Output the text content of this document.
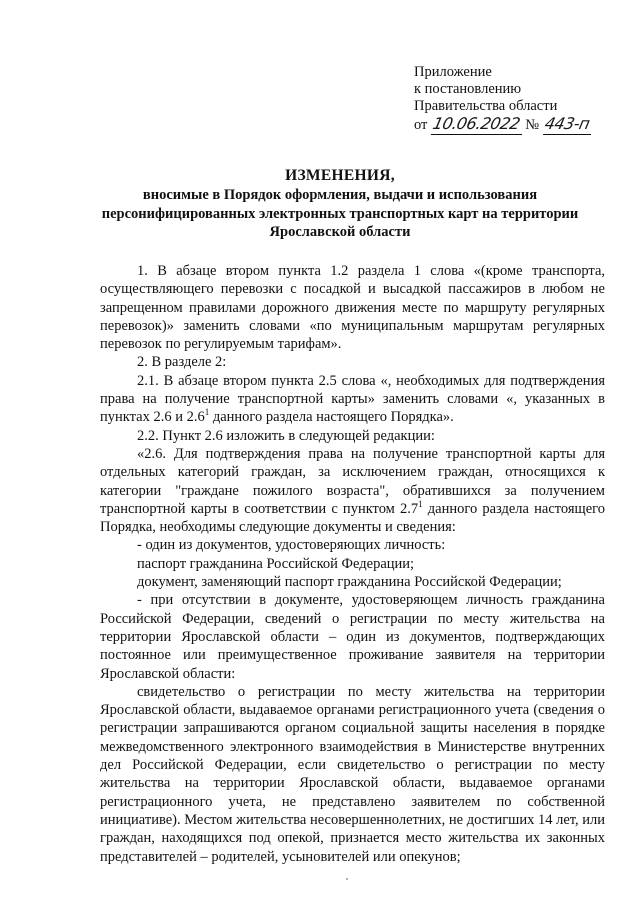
Приложение
к постановлению
Правительства области
от 10.06.2022 № 443-п
ИЗМЕНЕНИЯ,
вносимые в Порядок оформления, выдачи и использования
персонифицированных электронных транспортных карт на территории
Ярославской области

1. В абзаце втором пункта 1.2 раздела 1 слова «(кроме транспорта, осуществляющего перевозки с посадкой и высадкой пассажиров в любом не запрещенном правилами дорожного движения месте по маршруту регулярных перевозок)» заменить словами «по муниципальным маршрутам регулярных перевозок по регулируемым тарифам».

2. В разделе 2:

2.1. В абзаце втором пункта 2.5 слова «, необходимых для подтверждения права на получение транспортной карты» заменить словами «, указанных в пунктах 2.6 и $2.6^1$ данного раздела настоящего Порядка».

2.2. Пункт 2.6 изложить в следующей редакции:

«2.6. Для подтверждения права на получение транспортной карты для отдельных категорий граждан, за исключением граждан, относящихся к категории "граждане пожилого возраста", обратившихся за получением транспортной карты в соответствии с пунктом $2.7^1$ данного раздела настоящего Порядка, необходимы следующие документы и сведения:

- один из документов, удостоверяющих личность:

паспорт гражданина Российской Федерации;

документ, заменяющий паспорт гражданина Российской Федерации;

- при отсутствии в документе, удостоверяющем личность гражданина Российской Федерации, сведений о регистрации по месту жительства на территории Ярославской области – один из документов, подтверждающих постоянное или преимущественное проживание заявителя на территории Ярославской области:

свидетельство о регистрации по месту жительства на территории Ярославской области, выдаваемое органами регистрационного учета (сведения о регистрации запрашиваются органом социальной защиты населения в порядке межведомственного электронного взаимодействия в Министерстве внутренних дел Российской Федерации, если свидетельство о регистрации по месту жительства на территории Ярославской области, выдаваемое органами регистрационного учета, не представлено заявителем по собственной инициативе). Местом жительства несовершеннолетних, не достигших 14 лет, или граждан, находящихся под опекой, признается место жительства их законных представителей – родителей, усыновителей или опекунов;
